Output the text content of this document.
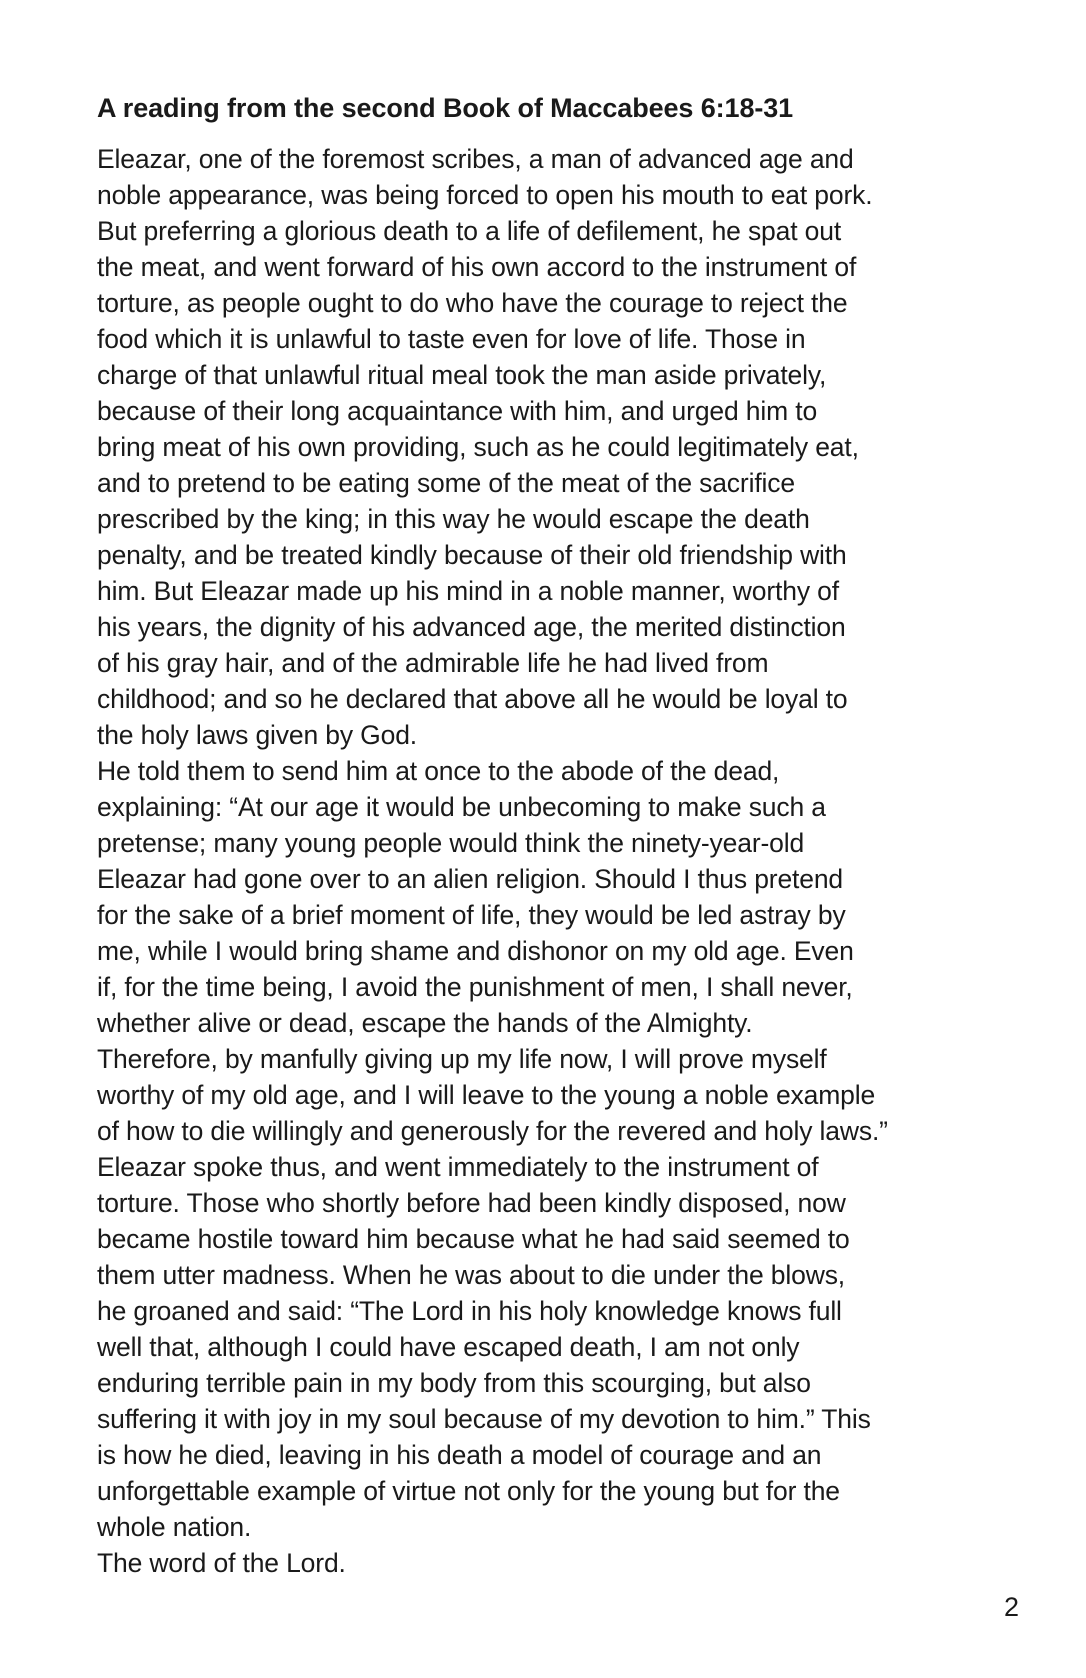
A reading from the second Book of Maccabees 6:18-31
Eleazar, one of the foremost scribes, a man of advanced age and
noble appearance, was being forced to open his mouth to eat pork.
But preferring a glorious death to a life of defilement, he spat out
the meat, and went forward of his own accord to the instrument of
torture, as people ought to do who have the courage to reject the
food which it is unlawful to taste even for love of life. Those in
charge of that unlawful ritual meal took the man aside privately,
because of their long acquaintance with him, and urged him to
bring meat of his own providing, such as he could legitimately eat,
and to pretend to be eating some of the meat of the sacrifice
prescribed by the king; in this way he would escape the death
penalty, and be treated kindly because of their old friendship with
him. But Eleazar made up his mind in a noble manner, worthy of
his years, the dignity of his advanced age, the merited distinction
of his gray hair, and of the admirable life he had lived from
childhood; and so he declared that above all he would be loyal to
the holy laws given by God.
He told them to send him at once to the abode of the dead,
explaining: “At our age it would be unbecoming to make such a
pretense; many young people would think the ninety-year-old
Eleazar had gone over to an alien religion. Should I thus pretend
for the sake of a brief moment of life, they would be led astray by
me, while I would bring shame and dishonor on my old age. Even
if, for the time being, I avoid the punishment of men, I shall never,
whether alive or dead, escape the hands of the Almighty.
Therefore, by manfully giving up my life now, I will prove myself
worthy of my old age, and I will leave to the young a noble example
of how to die willingly and generously for the revered and holy laws.”
Eleazar spoke thus, and went immediately to the instrument of
torture. Those who shortly before had been kindly disposed, now
became hostile toward him because what he had said seemed to
them utter madness. When he was about to die under the blows,
he groaned and said: “The Lord in his holy knowledge knows full
well that, although I could have escaped death, I am not only
enduring terrible pain in my body from this scourging, but also
suffering it with joy in my soul because of my devotion to him.” This
is how he died, leaving in his death a model of courage and an
unforgettable example of virtue not only for the young but for the
whole nation.
The word of the Lord.
2
